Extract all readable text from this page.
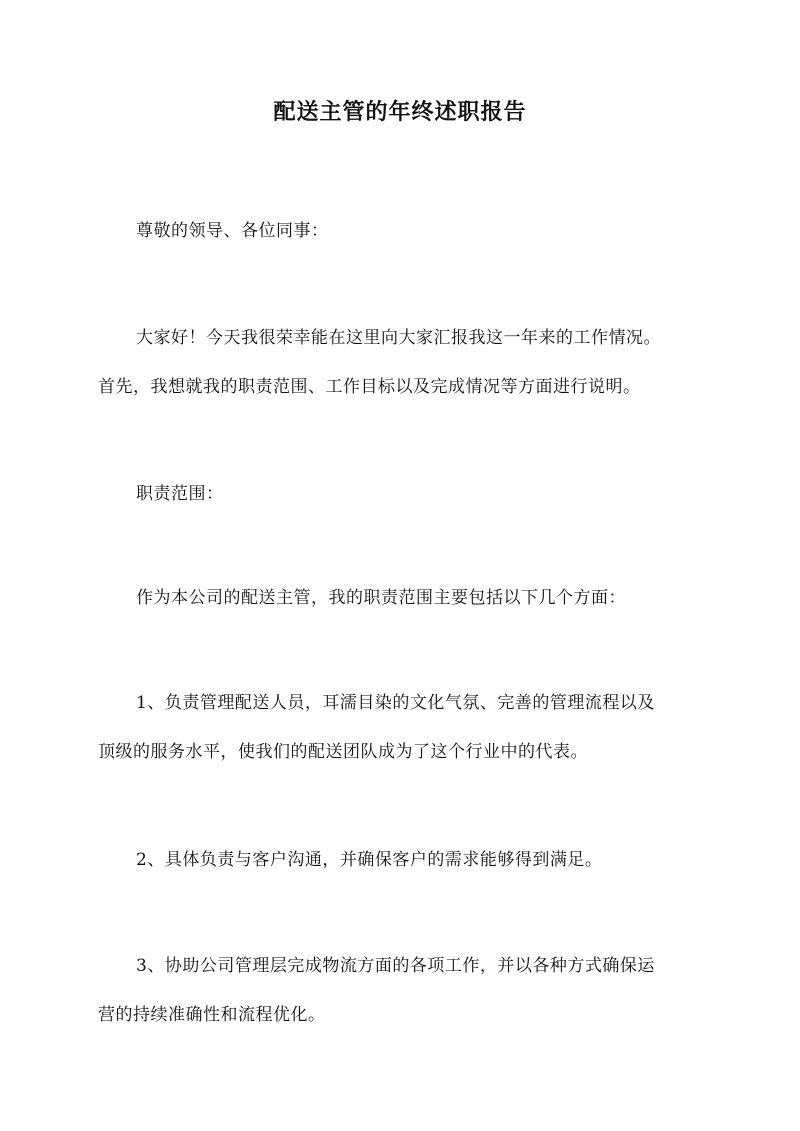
配送主管的年终述职报告
尊敬的领导、各位同事：
大家好！今天我很荣幸能在这里向大家汇报我这一年来的工作情况。
首先，我想就我的职责范围、工作目标以及完成情况等方面进行说明。
职责范围：
作为本公司的配送主管，我的职责范围主要包括以下几个方面：
1、负责管理配送人员，耳濡目染的文化气氛、完善的管理流程以及
顶级的服务水平，使我们的配送团队成为了这个行业中的代表。
2、具体负责与客户沟通，并确保客户的需求能够得到满足。
3、协助公司管理层完成物流方面的各项工作，并以各种方式确保运
营的持续准确性和流程优化。
